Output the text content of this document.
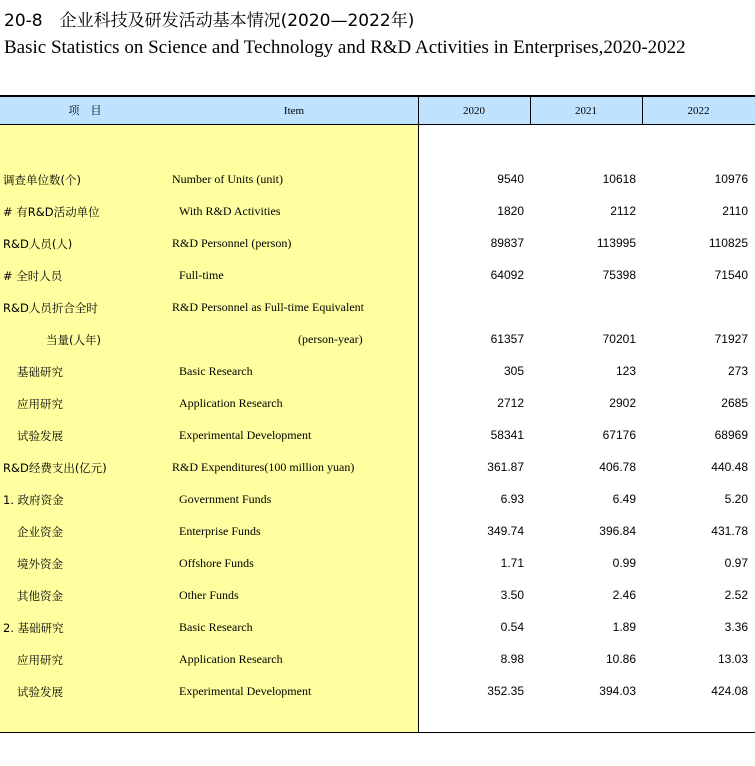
20-8　企业科技及研发活动基本情况(2020—2022年)
Basic Statistics on Science and Technology and R&D Activities in Enterprises,2020-2022
项　目	Item	2020	2021	2022
调查单位数(个)	Number of Units (unit)	9540	10618	10976
# 有R&D活动单位	With R&D Activities	1820	2112	2110
R&D人员(人)	R&D Personnel (person)	89837	113995	110825
# 全时人员	Full-time	64092	75398	71540
R&D人员折合全时	R&D Personnel as Full-time Equivalent
当量(人年)	(person-year)	61357	70201	71927
基础研究	Basic Research	305	123	273
应用研究	Application Research	2712	2902	2685
试验发展	Experimental Development	58341	67176	68969
R&D经费支出(亿元)	R&D Expenditures(100 million yuan)	361.87	406.78	440.48
1. 政府资金	Government Funds	6.93	6.49	5.20
企业资金	Enterprise Funds	349.74	396.84	431.78
境外资金	Offshore Funds	1.71	0.99	0.97
其他资金	Other Funds	3.50	2.46	2.52
2. 基础研究	Basic Research	0.54	1.89	3.36
应用研究	Application Research	8.98	10.86	13.03
试验发展	Experimental Development	352.35	394.03	424.08
